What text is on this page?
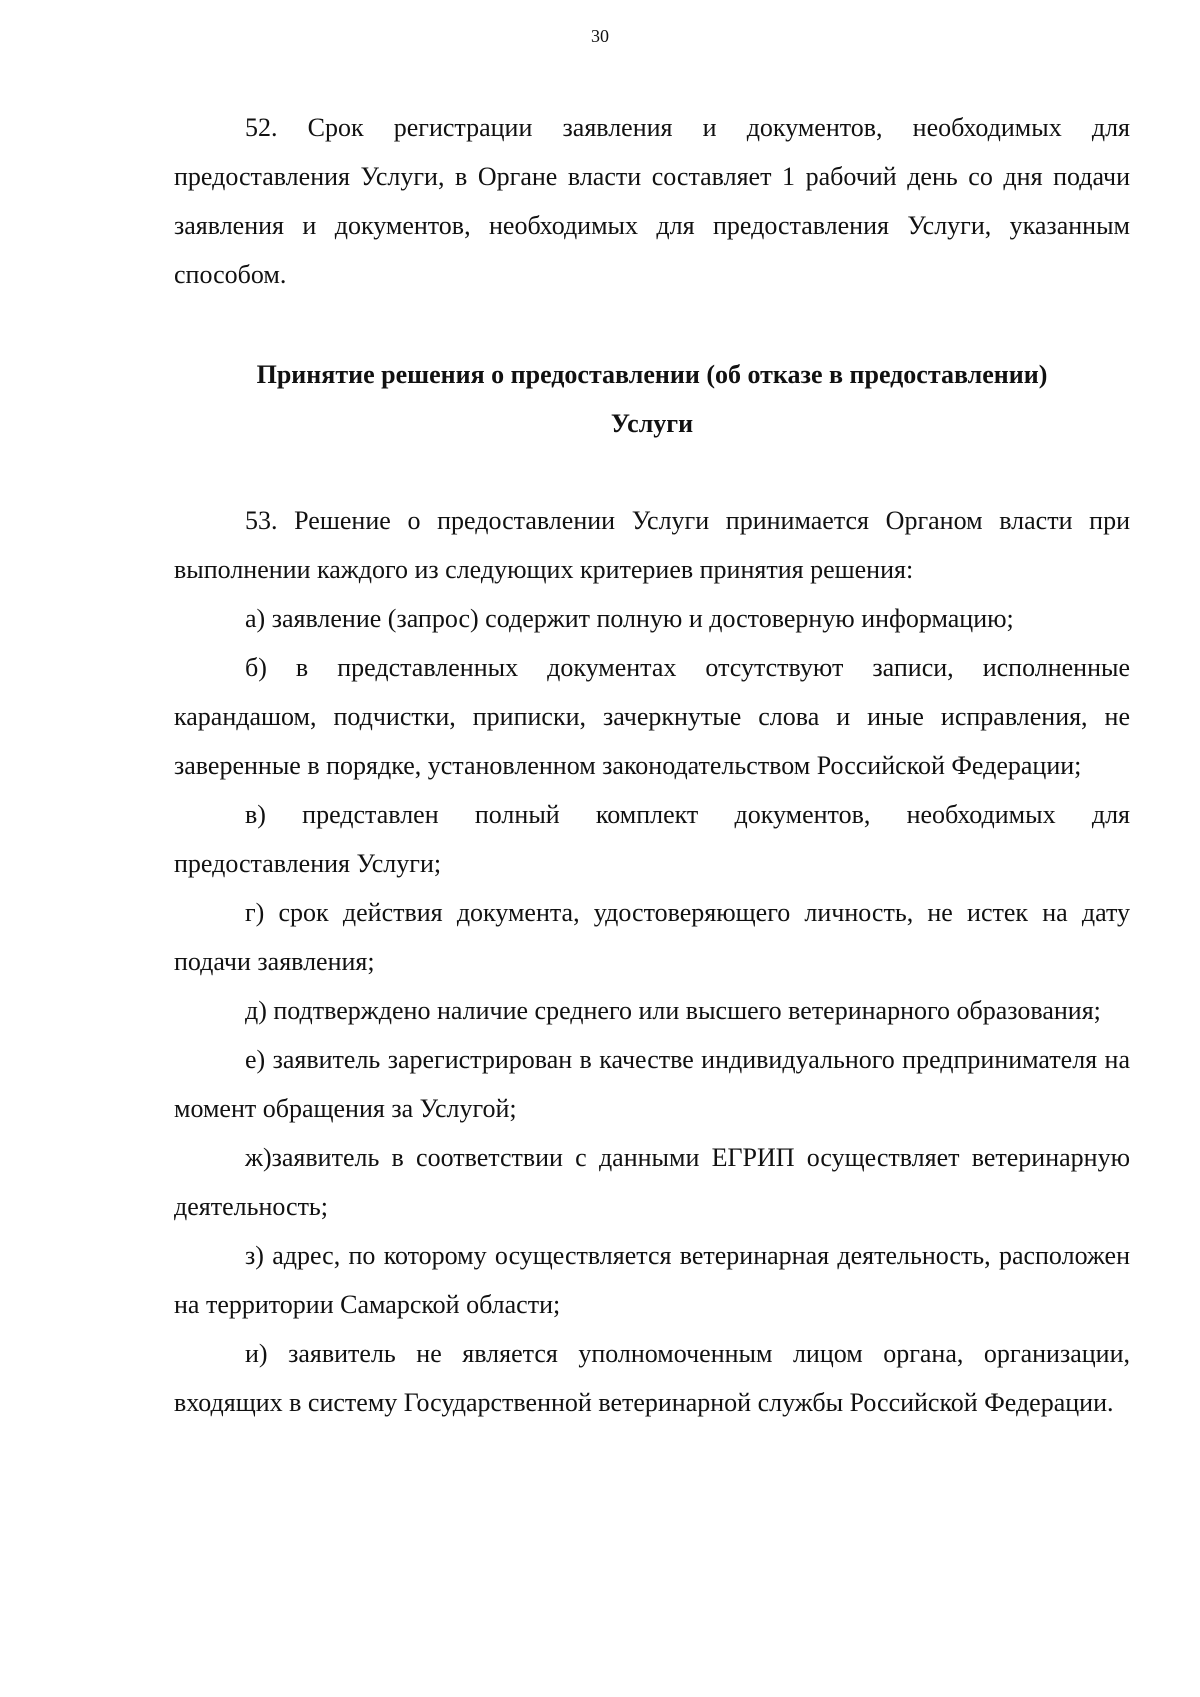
30

52. Срок регистрации заявления и документов, необходимых для предоставления Услуги, в Органе власти составляет 1 рабочий день со дня подачи заявления и документов, необходимых для предоставления Услуги, указанным способом.

Принятие решения о предоставлении (об отказе в предоставлении)

Услуги

53. Решение о предоставлении Услуги принимается Органом власти при выполнении каждого из следующих критериев принятия решения:

а) заявление (запрос) содержит полную и достоверную информацию;

б) в представленных документах отсутствуют записи, исполненные карандашом, подчистки, приписки, зачеркнутые слова и иные исправления, не заверенные в порядке, установленном законодательством Российской Федерации;

в) представлен полный комплект документов, необходимых для предоставления Услуги;

г) срок действия документа, удостоверяющего личность, не истек на дату подачи заявления;

д) подтверждено наличие среднего или высшего ветеринарного образования;

е) заявитель зарегистрирован в качестве индивидуального предпринимателя на момент обращения за Услугой;

ж)заявитель в соответствии с данными ЕГРИП осуществляет ветеринарную деятельность;

з) адрес, по которому осуществляется ветеринарная деятельность, расположен на территории Самарской области;

и) заявитель не является уполномоченным лицом органа, организации, входящих в систему Государственной ветеринарной службы Российской Федерации.
